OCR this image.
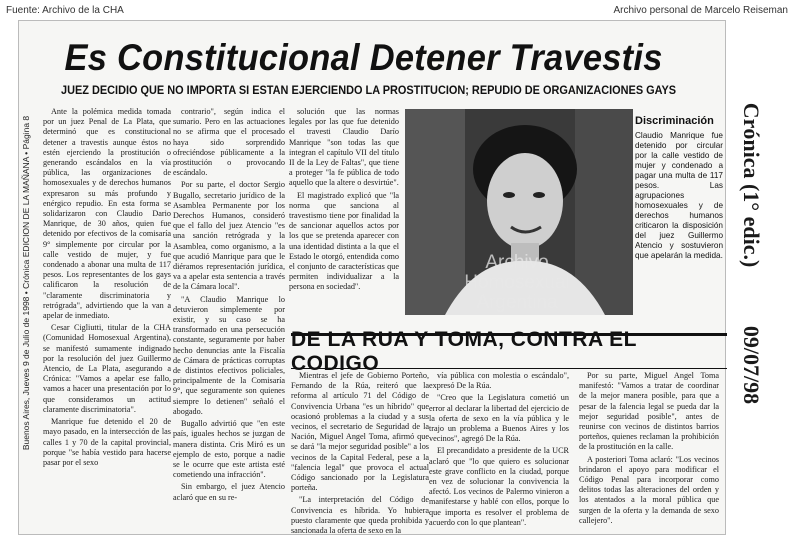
Fuente: Archivo de la CHA	Archivo personal de Marcelo Reiseman
Buenos Aires, Jueves 9 de Julio de 1998 • Crónica EDICION DE LA MAÑANA • Página 8
Es Constitucional Detener Travestis
JUEZ DECIDIO QUE NO IMPORTA SI ESTAN EJERCIENDO LA PROSTITUCION; REPUDIO DE ORGANIZACIONES GAYS

Ante la polémica medida tomada por un juez Penal de La Plata, que determinó que es constitucional detener a travestis aunque éstos no estén ejerciendo la prostitución o generando escándalos en la vía pública, las organizaciones de homosexuales y de derechos humanos expresaron su más profundo y enérgico repudio. En esta forma se solidarizaron con Claudio Dario Manrique, de 30 años, quien fue detenido por efectivos de la comisaría 9° simplemente por circular por la calle vestido de mujer, y fue condenado a abonar una multa de 117 pesos. Los representantes de los gays calificaron la resolución de "claramente discriminatoria y retrógrada", advirtiendo que la van a apelar de inmediato.

Cesar Cigliutti, titular de la CHA (Comunidad Homosexual Argentina), se manifestó sumamente indignado por la resolución del juez Guillermo Atencio, de La Plata, asegurando a Crónica: "Vamos a apelar ese fallo, vamos a hacer una presentación por lo que consideramos un actitud claramente discriminatoria".

Manrique fue detenido el 20 de mayo pasado, en la intersección de las calles 1 y 70 de la capital provincial, porque "se había vestido para hacerse pasar por el sexo

contrario", según indica el sumario. Pero en las actuaciones no se afirma que el procesado haya sido sorprendido ofreciéndose públicamente a la prostitución o provocando escándalo.

Por su parte, el doctor Sergio Bugallo, secretario jurídico de la Asamblea Permanente por los Derechos Humanos, consideró que el fallo del juez Atencio "es una sanción retrógrada y la Asamblea, como organismo, a la que acudió Manrique para que le diéramos representación jurídica, va a apelar esta sentencia a través de la Cámara local".

"A Claudio Manrique lo detuvieron simplemente por existir, y su caso se ha transformado en una persecución constante, seguramente por haber hecho denuncias ante la Fiscalía de Cámara de prácticas corruptas de distintos efectivos policiales, principalmente de la Comisaría 9°, que seguramente son quienes siempre lo detienen" señaló el abogado.

Bugallo advirtió que "en este país, iguales hechos se juzgan de manera distinta. Cris Miró es un ejemplo de esto, porque a nadie se le ocurre que este artista esté cometiendo una infracción".

Sin embargo, el juez Atencio aclaró que en su re-

solución que las normas legales por las que fue detenido el travesti Claudio Darío Manrique "son todas las que integran el capítulo VII del título II de la Ley de Faltas", que tiene a proteger "la fe pública de todo aquello que la altere o desvirtúe".

El magistrado explicó que "la norma que sanciona al travestismo tiene por finalidad la de sancionar aquellos actos por los que se pretenda aparecer con una identidad distinta a la que el Estado le otorgó, entendida como el conjunto de características que permiten individualizar a la persona en sociedad".

Archivo
Homosexual
Argentina
Discriminación

Claudio Manrique fue detenido por circular por la calle vestido de mujer y condenado a pagar una multa de 117 pesos. Las agrupaciones homosexuales y de derechos humanos criticaron la disposición del juez Guillermo Atencio y sostuvieron que apelarán la medida.

DE LA RUA Y TOMA, CONTRA EL CODIGO

Mientras el jefe de Gobierno Porteño, Fernando de la Rúa, reiteró que la reforma al artículo 71 del Código de Convivencia Urbana "es un híbrido" que ocasionó problemas a la ciudad y a sus vecinos, el secretario de Seguridad de la Nación, Miguel Angel Toma, afirmó que se dará "la mejor seguridad posible" a los vecinos de la Capital Federal, pese a la "falencia legal" que provoca el actual Código sancionado por la Legislatura porteña.

"La interpretación del Código de Convivencia es híbrida. Yo hubiera puesto claramente que queda prohibida y sancionada la oferta de sexo en la

vía pública con molestia o escándalo", expresó De la Rúa.

"Creo que la Legislatura cometió un error al declarar la libertad del ejercicio de la oferta de sexo en la vía pública y le trajo un problema a Buenos Aires y los vecinos", agregó De la Rúa.

El precandidato a presidente de la UCR aclaró que "lo que quiero es solucionar este grave conflicto en la ciudad, porque en vez de solucionar la convivencia la afectó. Los vecinos de Palermo vinieron a manifestarse y hablé con ellos, porque lo que importa es resolver el problema de acuerdo con lo que plantean".

Por su parte, Miguel Angel Toma manifestó: "Vamos a tratar de coordinar de la mejor manera posible, para que a pesar de la falencia legal se pueda dar la mejor seguridad posible", antes de reunirse con vecinos de distintos barrios porteños, quienes reclaman la prohibición de la prostitución en la calle.

A posteriori Toma aclaró: "Los vecinos brindaron el apoyo para modificar el Código Penal para incorporar como delitos todas las alteraciones del orden y los atentados a la moral pública que surgen de la oferta y la demanda de sexo callejero".

Crónica (1° edic.)
09/07/98
